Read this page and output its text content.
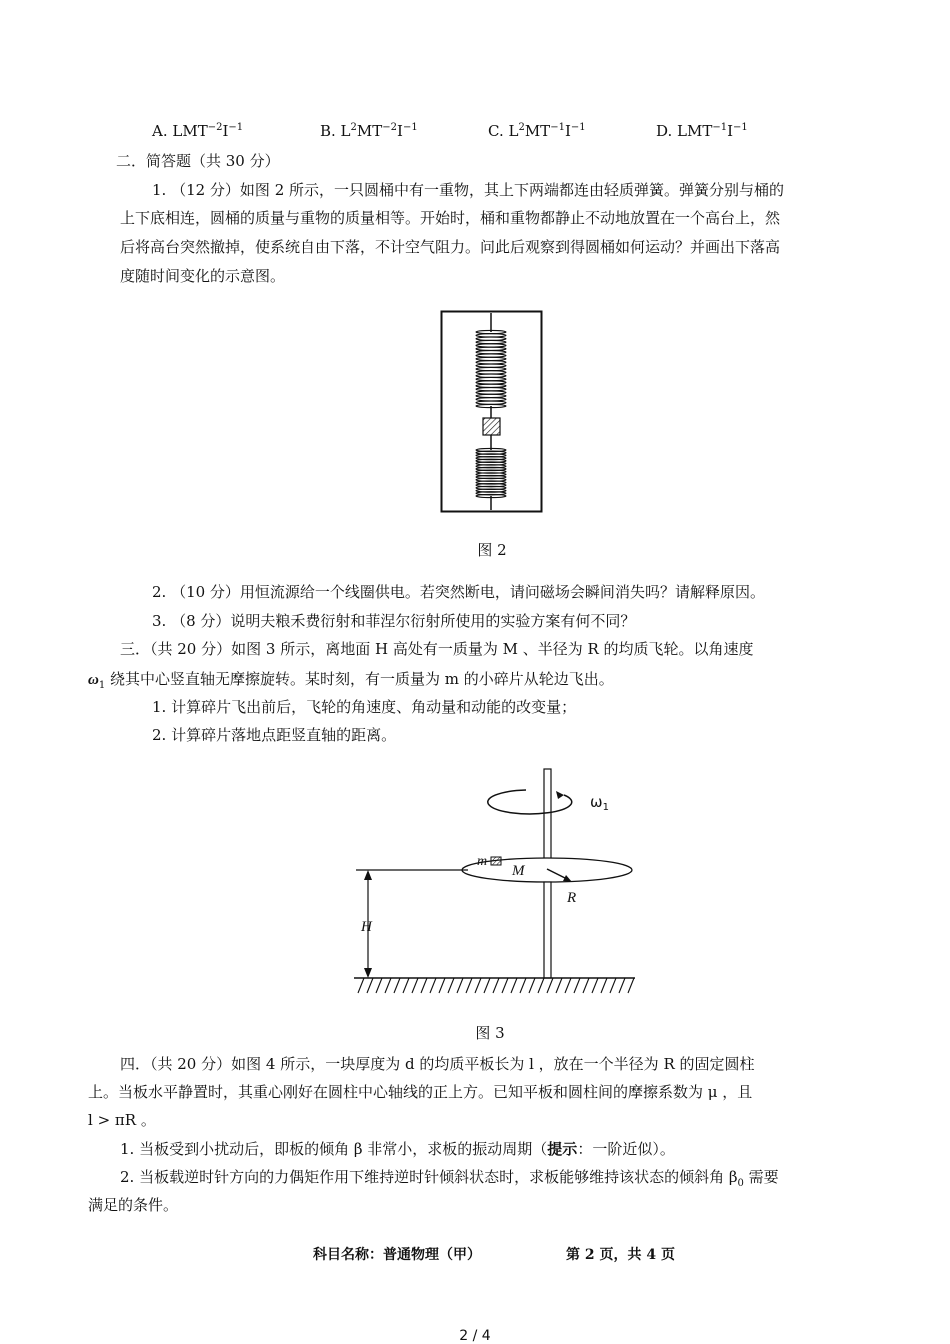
A. $LMT^{-2}I^{-1}$	B. $L^2MT^{-2}I^{-1}$	C. $L^2MT^{-1}I^{-1}$	D. $LMT^{-1}I^{-1}$
二．简答题（共 30 分）
1. （12 分）如图 2 所示，一只圆桶中有一重物，其上下两端都连由轻质弹簧。弹簧分别与桶的
上下底相连，圆桶的质量与重物的质量相等。开始时，桶和重物都静止不动地放置在一个高台上，然
后将高台突然撤掉，使系统自由下落，不计空气阻力。问此后观察到得圆桶如何运动？并画出下落高
度随时间变化的示意图。
图 2
2. （10 分）用恒流源给一个线圈供电。若突然断电，请问磁场会瞬间消失吗？请解释原因。
3. （8 分）说明夫粮禾费衍射和菲涅尔衍射所使用的实验方案有何不同？
三．（共 20 分）如图 3 所示，离地面 H 高处有一质量为 M 、半径为 R 的均质飞轮。以角速度
$\omega_1$ 绕其中心竖直轴无摩擦旋转。某时刻，有一质量为 m 的小碎片从轮边飞出。
1. 计算碎片飞出前后，飞轮的角速度、角动量和动能的改变量；
2. 计算碎片落地点距竖直轴的距离。
$\omega_1$
m
M
R
H
图 3
四．（共 20 分）如图 4 所示，一块厚度为 d 的均质平板长为 l ，放在一个半径为 R 的固定圆柱
上。当板水平静置时，其重心刚好在圆柱中心轴线的正上方。已知平板和圆柱间的摩擦系数为 μ ，且
l > πR 。
1. 当板受到小扰动后，即板的倾角 β 非常小，求板的振动周期（提示：一阶近似）。
2. 当板载逆时针方向的力偶矩作用下维持逆时针倾斜状态时，求板能够维持该状态的倾斜角 $\beta_0$ 需要
满足的条件。
科目名称：普通物理（甲）	第 2 页，共 4 页
2 / 4
